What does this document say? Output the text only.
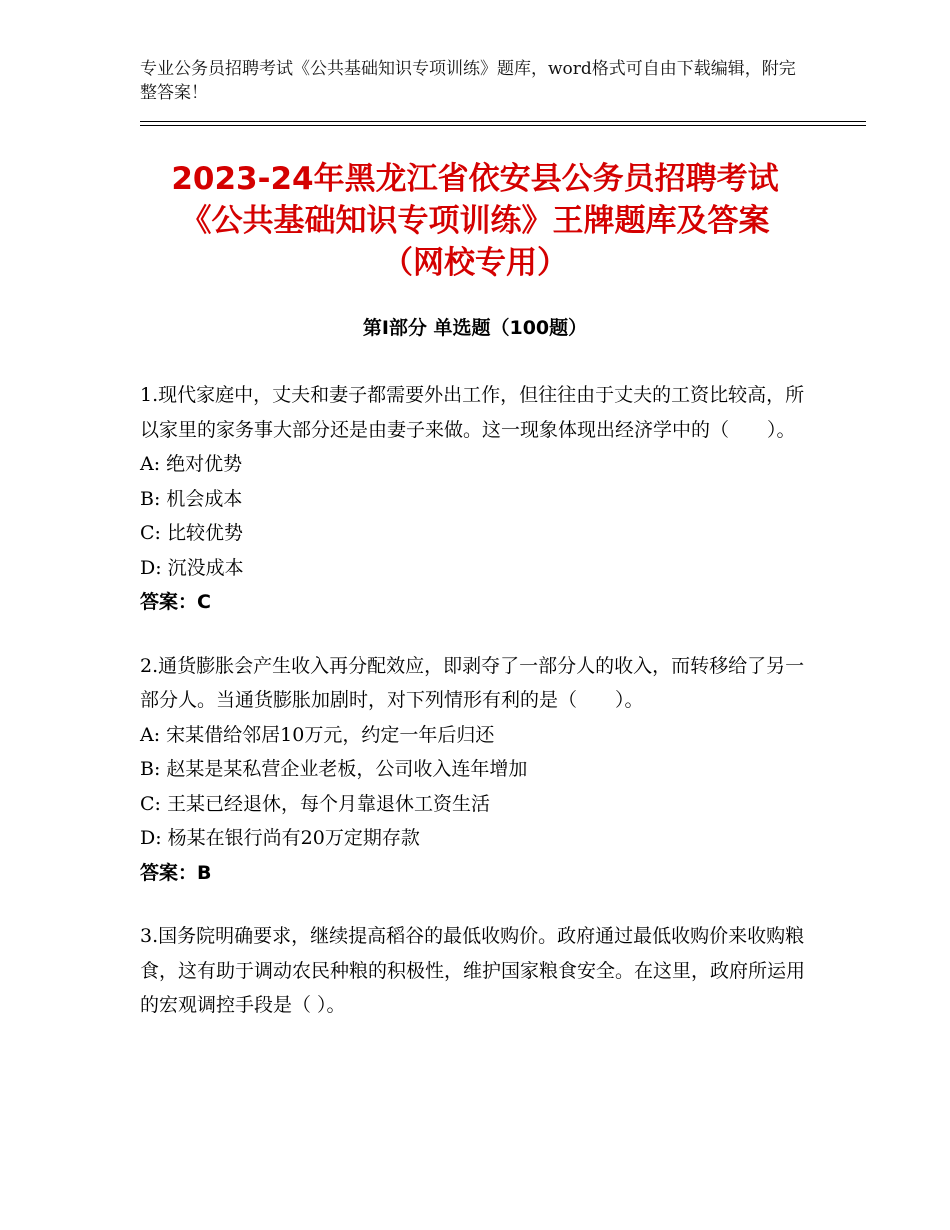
专业公务员招聘考试《公共基础知识专项训练》题库，word格式可自由下载编辑，附完整答案！
2023-24年黑龙江省依安县公务员招聘考试
《公共基础知识专项训练》王牌题库及答案
（网校专用）
第Ⅰ部分 单选题（100题）

1.现代家庭中，丈夫和妻子都需要外出工作，但往往由于丈夫的工资比较高，所以家里的家务事大部分还是由妻子来做。这一现象体现出经济学中的（　　）。

A: 绝对优势

B: 机会成本

C: 比较优势

D: 沉没成本

答案：C

2.通货膨胀会产生收入再分配效应，即剥夺了一部分人的收入，而转移给了另一部分人。当通货膨胀加剧时，对下列情形有利的是（　　）。

A: 宋某借给邻居10万元，约定一年后归还

B: 赵某是某私营企业老板，公司收入连年增加

C: 王某已经退休，每个月靠退休工资生活

D: 杨某在银行尚有20万定期存款

答案：B

3.国务院明确要求，继续提高稻谷的最低收购价。政府通过最低收购价来收购粮食，这有助于调动农民种粮的积极性，维护国家粮食安全。在这里，政府所运用的宏观调控手段是（ ）。
